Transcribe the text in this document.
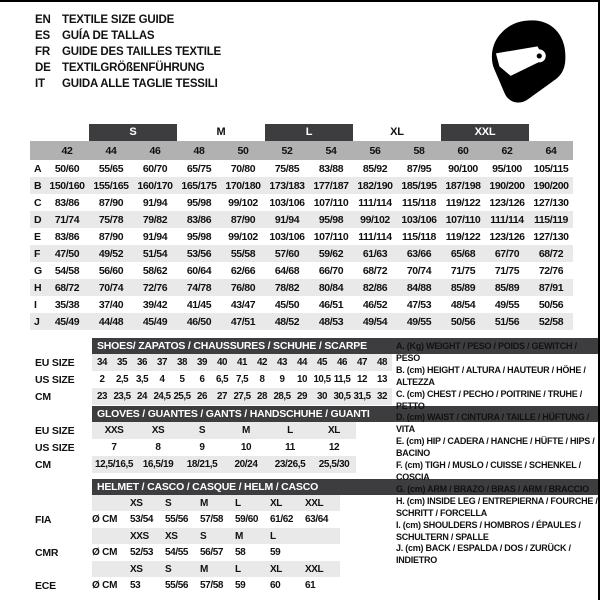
EN TEXTILE SIZE GUIDE
ES	GUÍA DE TALLAS
FR	GUIDE DES TAILLES TEXTILE
DE TEXTILGRÖßENFÜHRUNG
IT	GUIDA ALLE TAGLIE TESSILI
S	M	L	XL	XXL
42	44	46	48	50	52	54	56	58	60	62	64
A	50/60	55/65	60/70	65/75	70/80	75/85	83/88	85/92	87/95	90/100	95/100	105/115
B 150/160 155/165 160/170 165/175 170/180 173/183 177/187 182/190 185/195 187/198 190/200 190/200
C	83/86	87/90	91/94	95/98	99/102	103/106 107/110 111/114 115/118 119/122 123/126 127/130
D	71/74	75/78	79/82	83/86	87/90	91/94	95/98	99/102	103/106 107/110 111/114 115/119
E	83/86	87/90	91/94	95/98	99/102	103/106 107/110 111/114 115/118 119/122 123/126 127/130
F	47/50	49/52	51/54	53/56	55/58	57/60	59/62	61/63	63/66	65/68	67/70	68/72
G	54/58	56/60	58/62	60/64	62/66	64/68	66/70	68/72	70/74	71/75	71/75	72/76
H	68/72	70/74	72/76	74/78	76/80	78/82	80/84	82/86	84/88	85/89	85/89	87/91
I	35/38	37/40	39/42	41/45	43/47	45/50	46/51	46/52	47/53	48/54	49/55	50/56
J	45/49	44/48	45/49	46/50	47/51	48/52	48/53	49/54	49/55	50/56	51/56	52/58
SHOES/ ZAPATOS / CHAUSSURES / SCHUHE / SCARPE
EU SIZE	34	35	36	37	38	39	40	41	42	43	44	45	46	47	48
US SIZE	2	2,5 3,5	4	5	6	6,5 7,5	8	9	10 10,5 11,5 12	13
CM	23 23,5 24 24,5 25,5 26	27 27,5 28 28,5 29	30 30,5 31,5 32
GLOVES / GUANTES / GANTS / HANDSCHUHE / GUANTI
EU SIZE	XXS	XS	S	M	L	XL
US SIZE	7	8	9	10	11	12
CM	12,5/16,5 16,5/19	18/21,5	20/24	23/26,5	25,5/30
HELMET / CASCO / CASQUE / HELM / CASCO
XS	S	M	L	XL	XXL
FIA	Ø CM	53/54	55/56	57/58	59/60	61/62	63/64
XXS	XS	S	M	L
CMR	Ø CM	52/53	54/55	56/57	58	59
XS	S	M	L	XL	XXL
ECE	Ø CM	53	55/56	57/58	59	60	61
A. (Kg) WEIGHT / PESO / POIDS / GEWITCH / PESO
B. (cm) HEIGHT / ALTURA / HAUTEUR / HÖHE / ALTEZZA
C. (cm) CHEST / PECHO / POITRINE / TRUHE / PETTO
D. (cm) WAIST / CINTURA / TAILLE / HÜFTUNG / VITA
E. (cm) HIP / CADERA / HANCHE / HÜFTE / HIPS / BACINO
F. (cm) TIGH / MUSLO / CUISSE / SCHENKEL / COSCIA
G. (cm) ARM / BRAZO / BRAS / ARM / BRACCIO
H. (cm) INSIDE LEG / ENTREPIERNA / FOURCHE / SCHRITT / FORCELLA
I. (cm) SHOULDERS / HOMBROS / ÉPAULES / SCHULTERN / SPALLE
J. (cm) BACK / ESPALDA / DOS / ZURÜCK / INDIETRO
